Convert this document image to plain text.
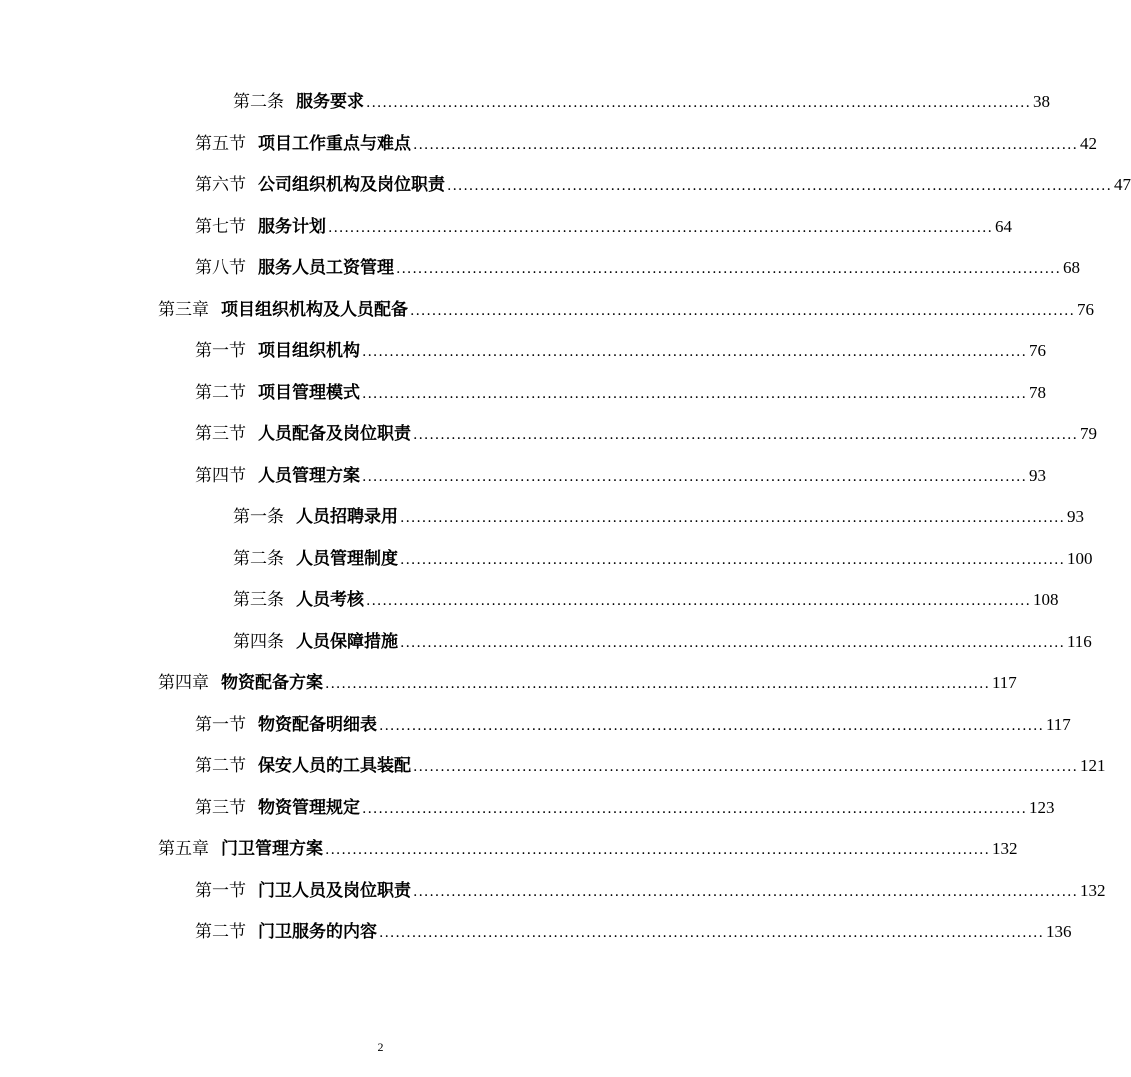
第二条 服务要求 .......................................................................................................................... 38
第五节 项目工作重点与难点 .......................................................................................................................... 42
第六节 公司组织机构及岗位职责 .......................................................................................................................... 47
第七节 服务计划 .......................................................................................................................... 64
第八节 服务人员工资管理 .......................................................................................................................... 68
第三章 项目组织机构及人员配备 .......................................................................................................................... 76
第一节 项目组织机构 .......................................................................................................................... 76
第二节 项目管理模式 .......................................................................................................................... 78
第三节 人员配备及岗位职责 .......................................................................................................................... 79
第四节 人员管理方案 .......................................................................................................................... 93
第一条 人员招聘录用 .......................................................................................................................... 93
第二条 人员管理制度 .......................................................................................................................... 100
第三条 人员考核 .......................................................................................................................... 108
第四条 人员保障措施 .......................................................................................................................... 116
第四章 物资配备方案 .......................................................................................................................... 117
第一节 物资配备明细表 .......................................................................................................................... 117
第二节 保安人员的工具装配 .......................................................................................................................... 121
第三节 物资管理规定 .......................................................................................................................... 123
第五章 门卫管理方案 .......................................................................................................................... 132
第一节 门卫人员及岗位职责 .......................................................................................................................... 132
第二节 门卫服务的内容 .......................................................................................................................... 136
2
